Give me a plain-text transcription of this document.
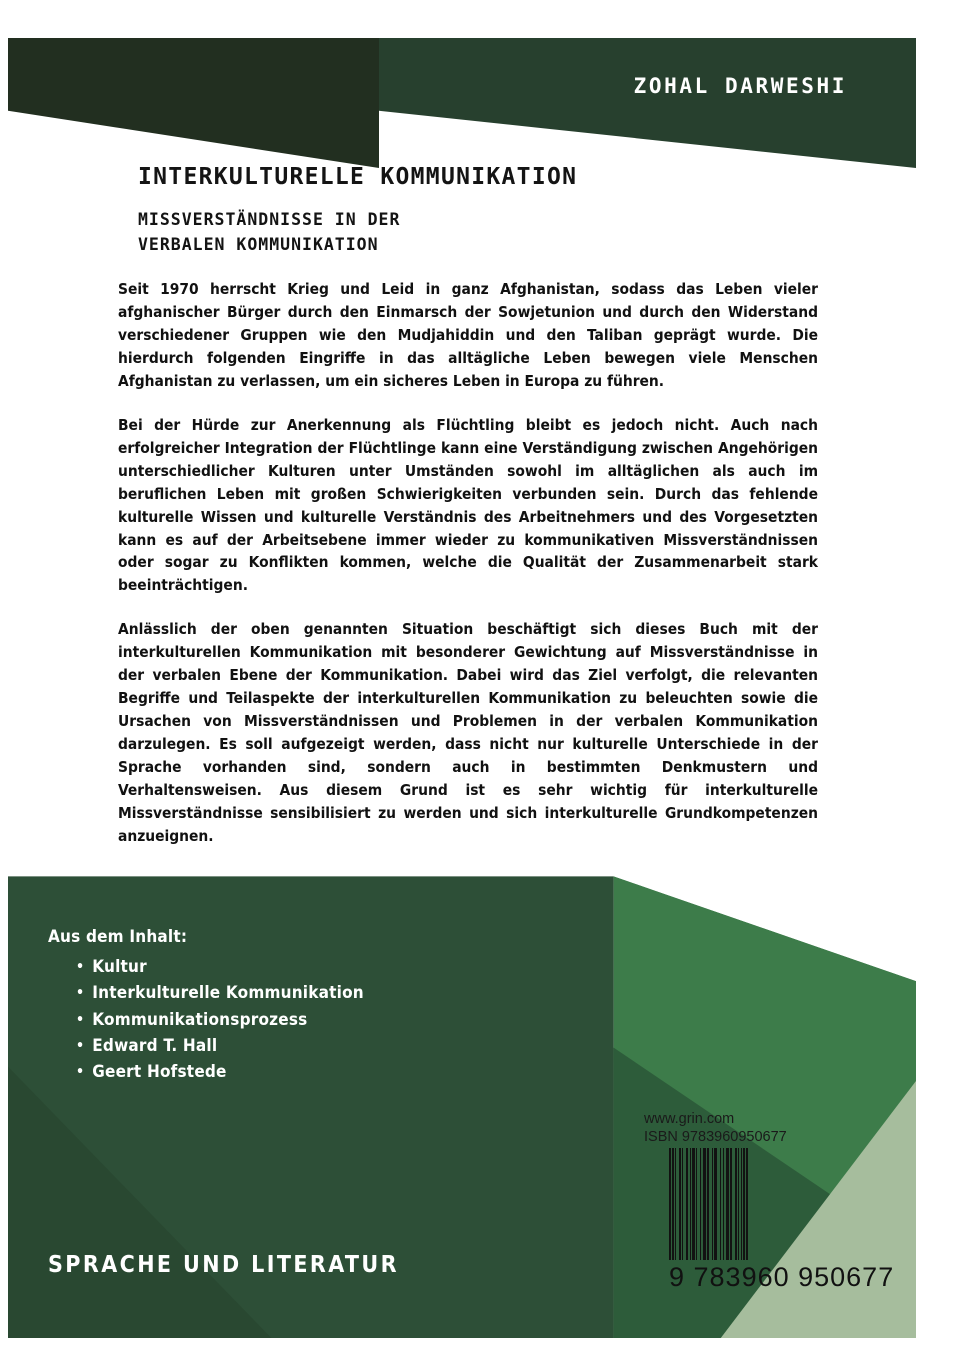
ZOHAL DARWESHI
INTERKULTURELLE KOMMUNIKATION
MISSVERSTÄNDNISSE IN DER
VERBALEN KOMMUNIKATION

Seit 1970 herrscht Krieg und Leid in ganz Afghanistan, sodass das Leben vieler afghanischer Bürger durch den Einmarsch der Sowjetunion und durch den Widerstand verschiedener Gruppen wie den Mudjahiddin und den Taliban geprägt wurde. Die hierdurch folgenden Eingriffe in das alltägliche Leben bewegen viele Menschen Afghanistan zu verlassen, um ein sicheres Leben in Europa zu führen.

Bei der Hürde zur Anerkennung als Flüchtling bleibt es jedoch nicht. Auch nach erfolgreicher Integration der Flüchtlinge kann eine Verständigung zwischen Angehörigen unterschiedlicher Kulturen unter Umständen sowohl im alltäglichen als auch im beruflichen Leben mit großen Schwierigkeiten verbunden sein. Durch das fehlende kulturelle Wissen und kulturelle Verständnis des Arbeitnehmers und des Vorgesetzten kann es auf der Arbeitsebene immer wieder zu kommunikativen Missverständnissen oder sogar zu Konflikten kommen, welche die Qualität der Zusammenarbeit stark beeinträchtigen.

Anlässlich der oben genannten Situation beschäftigt sich dieses Buch mit der interkulturellen Kommunikation mit besonderer Gewichtung auf Missverständnisse in der verbalen Ebene der Kommunikation. Dabei wird das Ziel verfolgt, die relevanten Begriffe und Teilaspekte der interkulturellen Kommunikation zu beleuchten sowie die Ursachen von Missverständnissen und Problemen in der verbalen Kommunikation darzulegen. Es soll aufgezeigt werden, dass nicht nur kulturelle Unterschiede in der Sprache vorhanden sind, sondern auch in bestimmten Denkmustern und Verhaltensweisen. Aus diesem Grund ist es sehr wichtig für interkulturelle Missverständnisse sensibilisiert zu werden und sich interkulturelle Grundkompetenzen anzueignen.

Aus dem Inhalt:
• Kultur
• Interkulturelle Kommunikation
• Kommunikationsprozess
• Edward T. Hall
• Geert Hofstede
SPRACHE UND LITERATUR
www.grin.com
ISBN 9783960950677
9 783960 950677
